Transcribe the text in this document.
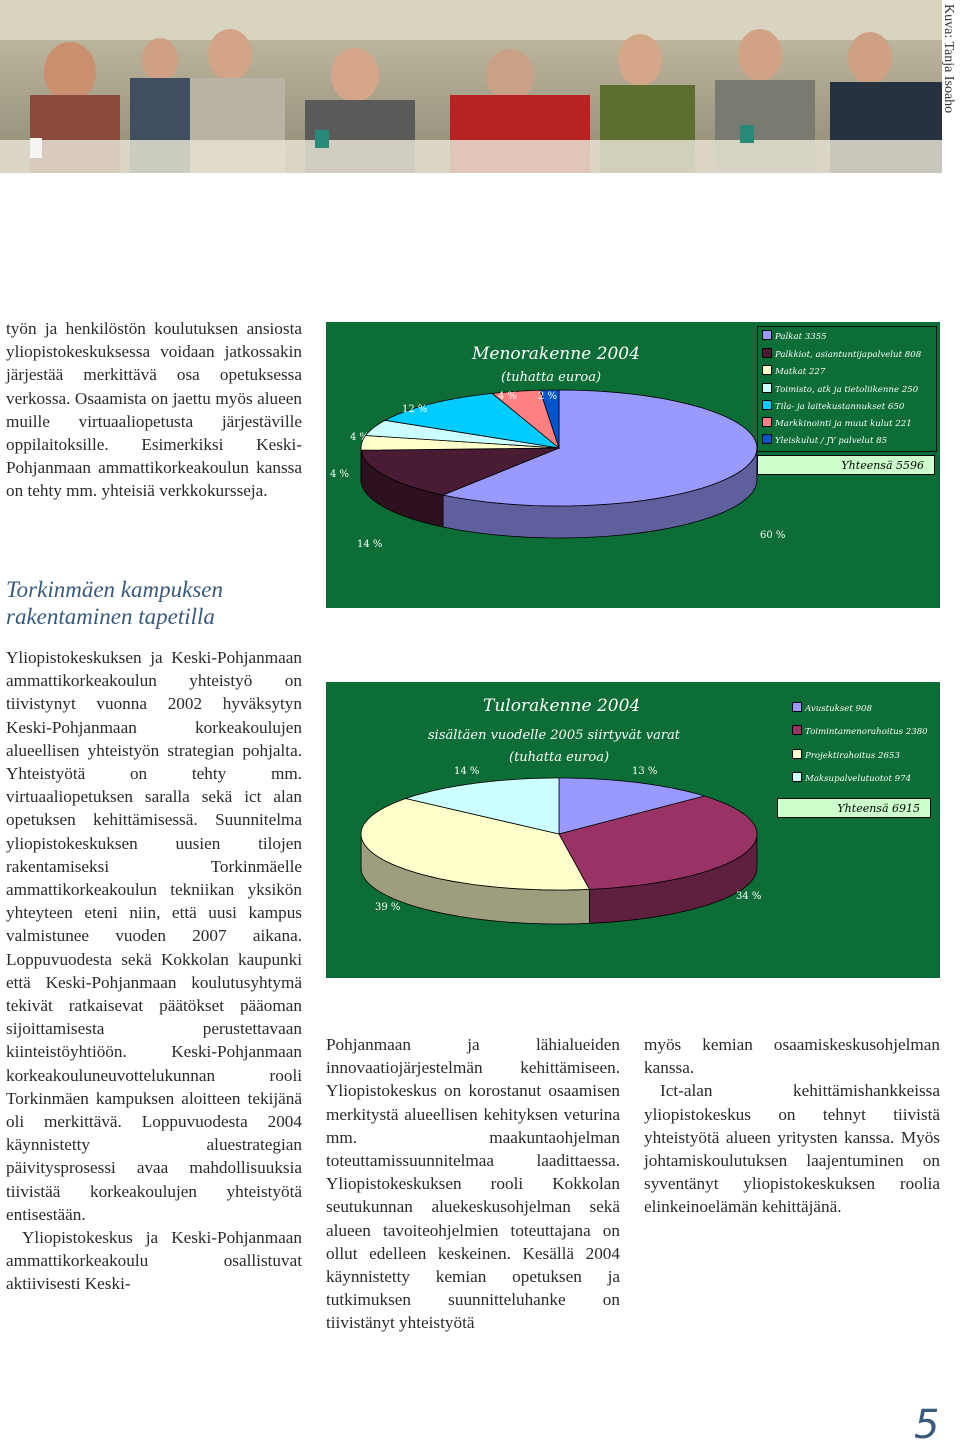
Kuva: Tanja Isoaho

työn ja henkilöstön koulutuksen ansiosta yliopistokeskuksessa voidaan jatkossakin järjestää merkittävä osa opetuksessa verkossa. Osaamista on jaettu myös alueen muille virtuaaliopetusta järjestäville oppilaitoksille. Esimerkiksi Keski-Pohjanmaan ammattikorkeakoulun kanssa on tehty mm. yhteisiä verkkokursseja.

Torkinmäen kampuksen rakentaminen tapetilla

Yliopistokeskuksen ja Keski-Pohjanmaan ammattikorkeakoulun yhteistyö on tiivistynyt vuonna 2002 hyväksytyn Keski-Pohjanmaan korkeakoulujen alueellisen yhteistyön strategian pohjalta. Yhteistyötä on tehty mm. virtuaaliopetuksen saralla sekä ict alan opetuksen kehittämisessä. Suunnitelma yliopistokeskuksen uusien tilojen rakentamiseksi Torkinmäelle ammattikorkeakoulun tekniikan yksikön yhteyteen eteni niin, että uusi kampus valmistunee vuoden 2007 aikana. Loppuvuodesta sekä Kokkolan kaupunki että Keski-Pohjanmaan koulutusyhtymä tekivät ratkaisevat päätökset pääoman sijoittamisesta perustettavaan kiinteistöyhtiöön. Keski-Pohjanmaan korkeakouluneuvottelukunnan rooli Torkinmäen kampuksen aloitteen tekijänä oli merkittävä. Loppuvuodesta 2004 käynnistetty aluestrategian päivitysprosessi avaa mahdollisuuksia tiivistää korkeakoulujen yhteistyötä entisestään.

Yliopistokeskus ja Keski-Pohjanmaan ammattikorkeakoulu osallistuvat aktiivisesti Keski-

Pohjanmaan ja lähialueiden innovaatiojärjestelmän kehittämiseen. Yliopistokeskus on korostanut osaamisen merkitystä alueellisen kehityksen veturina mm. maakuntaohjelman toteuttamissuunnitelmaa laadittaessa. Yliopistokeskuksen rooli Kokkolan seutukunnan aluekeskusohjelman sekä alueen tavoiteohjelmien toteuttajana on ollut edelleen keskeinen. Kesällä 2004 käynnistetty kemian opetuksen ja tutkimuksen suunnitteluhanke on tiivistänyt yhteistyötä

myös kemian osaamiskeskusohjelman kanssa.

Ict-alan kehittämishankkeissa yliopistokeskus on tehnyt tiivistä yhteistyötä alueen yritysten kanssa. Myös johtamiskoulutuksen laajentuminen on syventänyt yliopistokeskuksen roolia elinkeinoelämän kehittäjänä.

Menorakenne 2004
(tuhatta euroa)
60 %
14 %
4 %
4 %
12 %
4 % 2 %
Palkat 3355
Palkkiot, asiantuntijapalvelut 808
Matkat 227
Toimisto, atk ja tietoliikenne 250
Tila- ja laitekustannukset 650
Markkinointi ja muut kulut 221
Yleiskulut / JY palvelut 85
Yhteensä 5596
Tulorakenne 2004
sisältäen vuodelle 2005 siirtyvät varat
(tuhatta euroa)
13 %
34 %
39 %
14 %
Avustukset 908
Toimintamenorahoitus 2380
Projektirahoitus 2653
Maksupalvelutuotot 974
Yhteensä 6915
5
